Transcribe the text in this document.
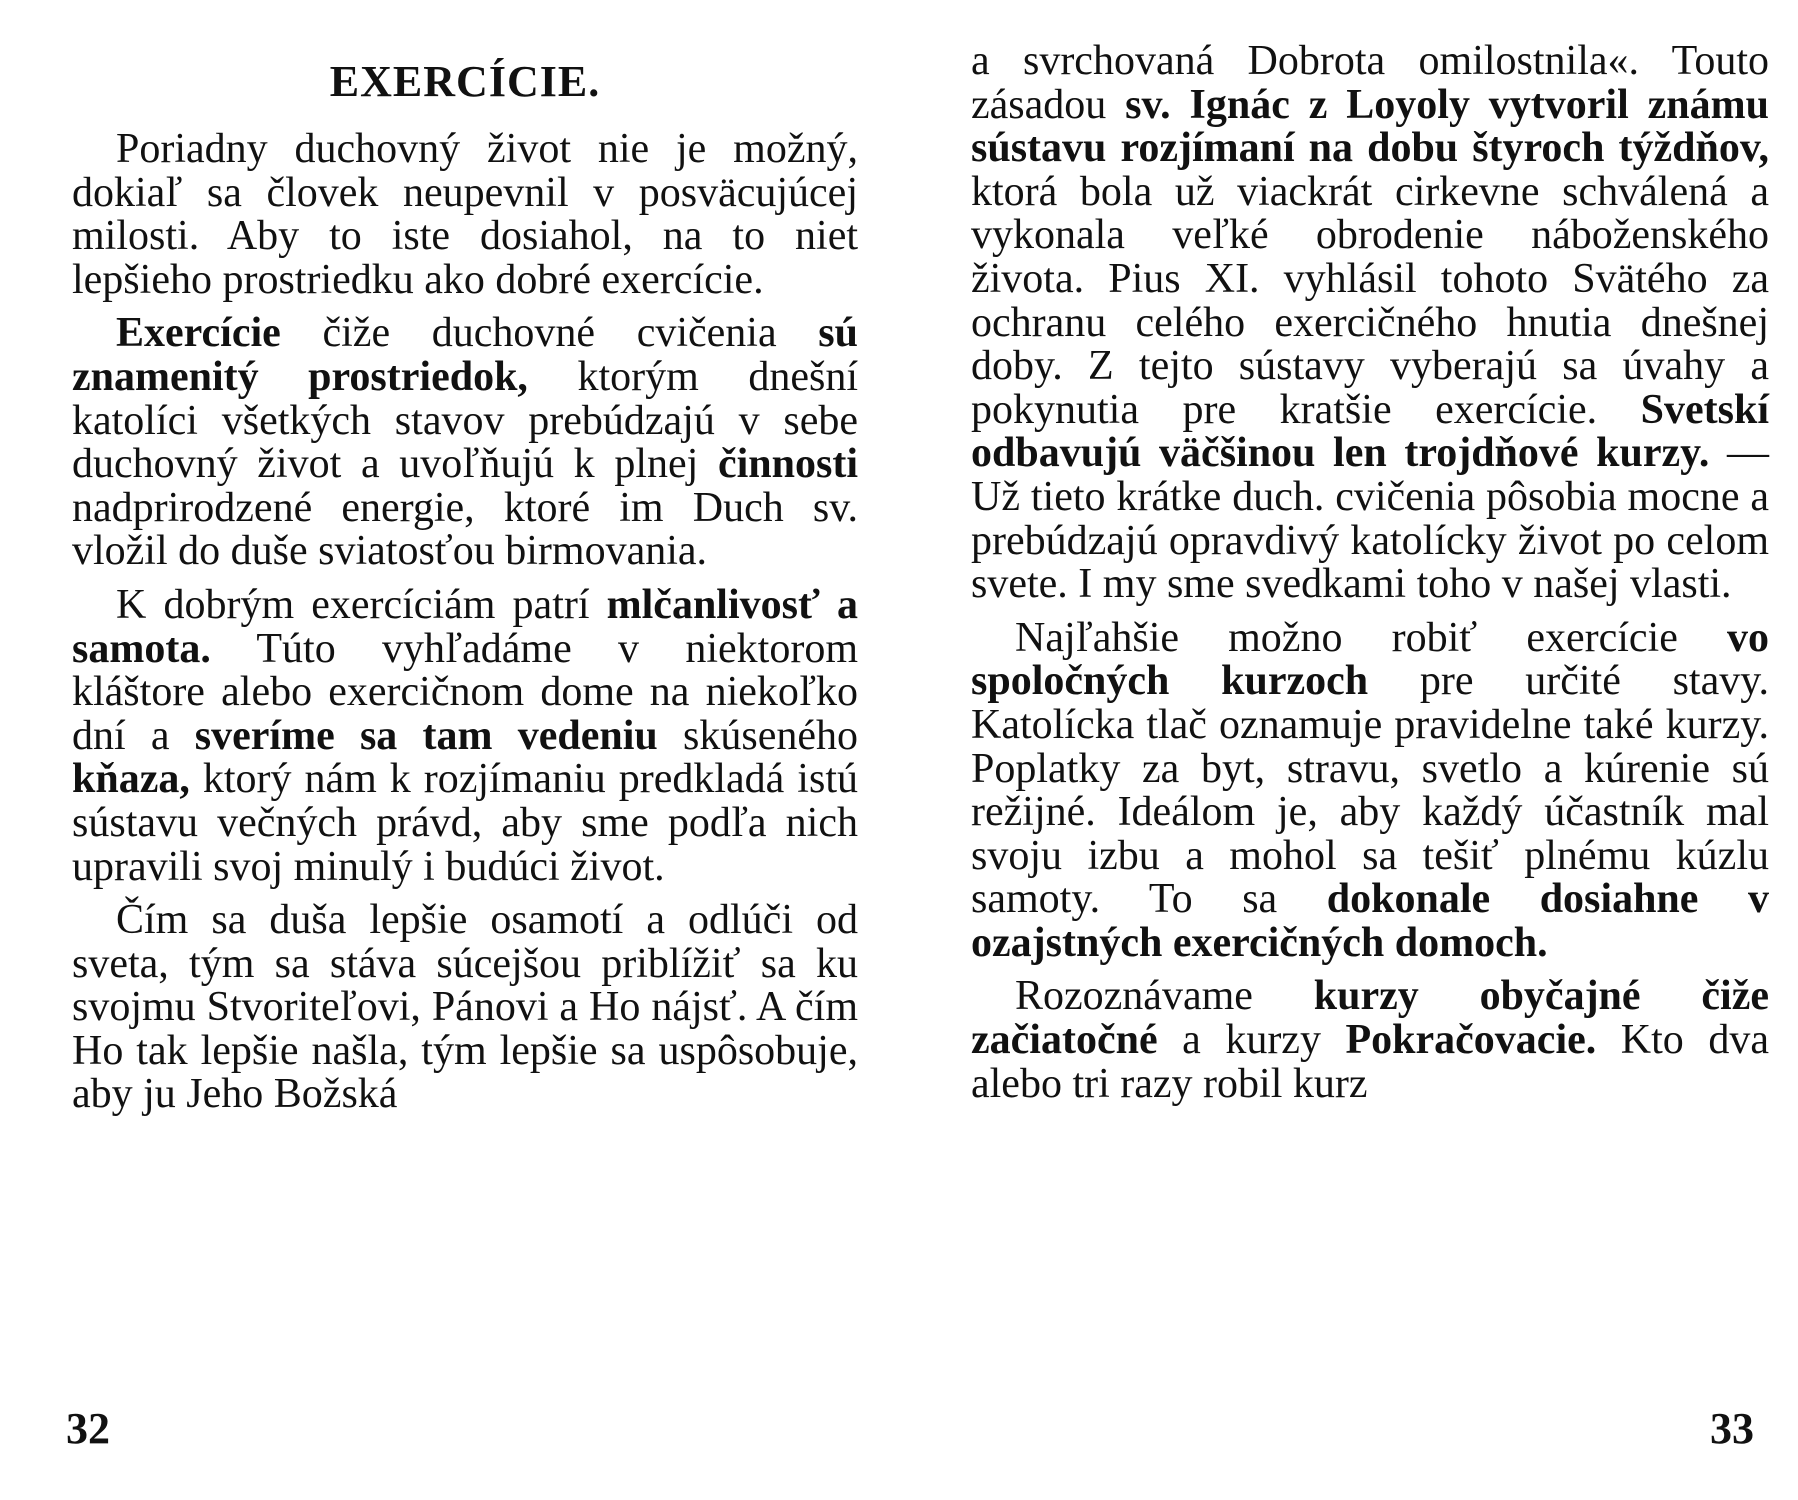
EXERCÍCIE.

Poriadny duchovný život nie je možný, dokiaľ sa človek neupevnil v posväcujúcej milosti. Aby to iste dosiahol, na to niet lepšieho prostriedku ako dobré exercície.

Exercície čiže duchovné cvičenia sú znamenitý prostriedok, ktorým dnešní katolíci všetkých stavov prebúdzajú v sebe duchovný život a uvoľňujú k plnej činnosti nadprirodzené energie, ktoré im Duch sv. vložil do duše sviatosťou birmovania.

K dobrým exercíciám patrí mlčanlivosť a samota. Túto vyhľadáme v niektorom kláštore alebo exercičnom dome na niekoľko dní a sveríme sa tam vedeniu skúseného kňaza, ktorý nám k rozjímaniu predkladá istú sústavu večných právd, aby sme podľa nich upravili svoj minulý i budúci život.

Čím sa duša lepšie osamotí a odlúči od sveta, tým sa stáva súcejšou priblížiť sa ku svojmu Stvoriteľovi, Pánovi a Ho nájsť. A čím Ho tak lepšie našla, tým lepšie sa uspôsobuje, aby ju Jeho Božská

32

a svrchovaná Dobrota omilostnila«. Touto zásadou sv. Ignác z Loyoly vytvoril známu sústavu rozjímaní na dobu štyroch týždňov, ktorá bola už viackrát cirkevne schválená a vykonala veľké obrodenie náboženského života. Pius XI. vyhlásil tohoto Svätého za ochranu celého exercičného hnutia dnešnej doby. Z tejto sústavy vyberajú sa úvahy a pokynutia pre kratšie exercície. Svetskí odbavujú väčšinou len trojdňové kurzy. — Už tieto krátke duch. cvičenia pôsobia mocne a prebúdzajú opravdivý katolícky život po celom svete. I my sme svedkami toho v našej vlasti.

Najľahšie možno robiť exercície vo spoločných kurzoch pre určité stavy. Katolícka tlač oznamuje pravidelne také kurzy. Poplatky za byt, stravu, svetlo a kúrenie sú režijné. Ideálom je, aby každý účastník mal svoju izbu a mohol sa tešiť plnému kúzlu samoty. To sa dokonale dosiahne v ozajstných exercičných domoch.

Rozoznávame kurzy obyčajné čiže začiatočné a kurzy Pokračovacie. Kto dva alebo tri razy robil kurz

33
